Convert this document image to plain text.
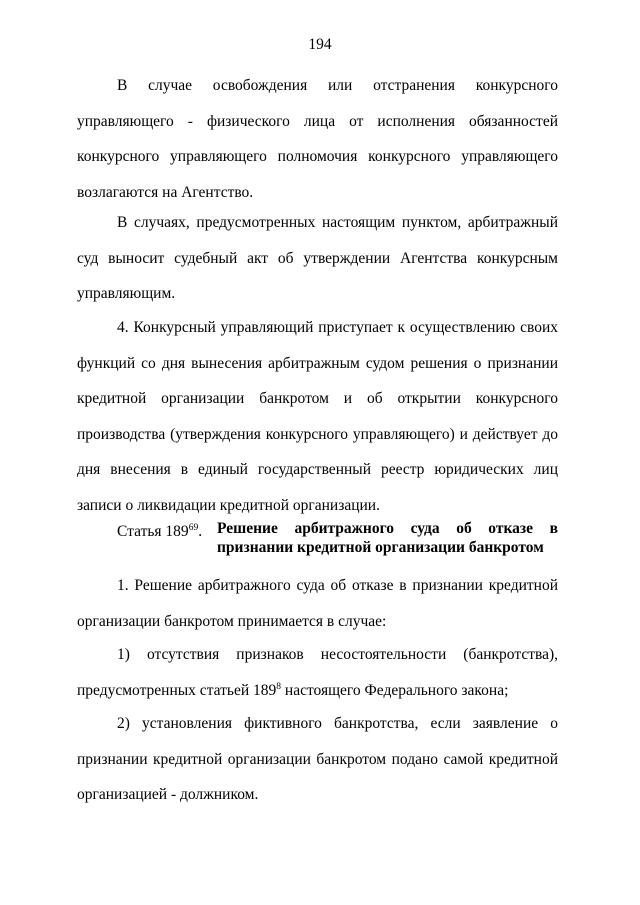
194

В случае освобождения или отстранения конкурсного управляющего - физического лица от исполнения обязанностей конкурсного управляющего полномочия конкурсного управляющего возлагаются на Агентство.

В случаях, предусмотренных настоящим пунктом, арбитражный суд выносит судебный акт об утверждении Агентства конкурсным управляющим.

4. Конкурсный управляющий приступает к осуществлению своих функций со дня вынесения арбитражным судом решения о признании кредитной организации банкротом и об открытии конкурсного производства (утверждения конкурсного управляющего) и действует до дня внесения в единый государственный реестр юридических лиц записи о ликвидации кредитной организации.

Статья $189^{69}$. Решение арбитражного суда об отказе в признании кредитной организации банкротом

1. Решение арбитражного суда об отказе в признании кредитной организации банкротом принимается в случае:

1) отсутствия признаков несостоятельности (банкротства), предусмотренных статьей 189$^8$ настоящего Федерального закона;

2) установления фиктивного банкротства, если заявление о признании кредитной организации банкротом подано самой кредитной организацией - должником.
